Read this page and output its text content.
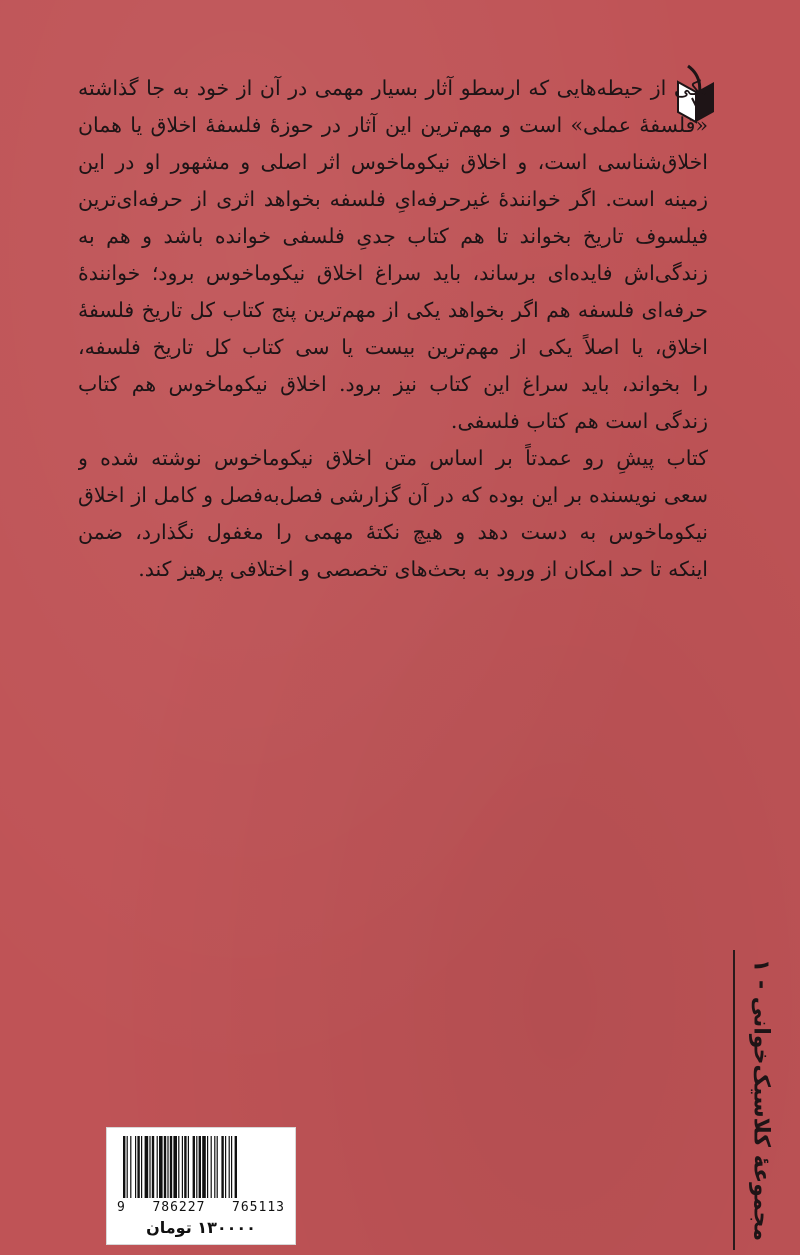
یکی از حیطه‌هایی که ارسطو آثار بسیار مهمی در آن از خود به جا گذاشته
«فلسفهٔ عملی» است و مهم‌ترین این آثار در حوزهٔ فلسفهٔ اخلاق یا همان
اخلاق‌شناسی است، و اخلاق نیکوماخوس اثر اصلی و مشهور او در این
زمینه است. اگر خوانندهٔ غیرحرفه‌ایِ فلسفه بخواهد اثری از حرفه‌ای‌ترین
فیلسوف تاریخ بخواند تا هم کتاب جدیِ فلسفی خوانده باشد و هم به
زندگی‌اش فایده‌ای برساند، باید سراغ اخلاق نیکوماخوس برود؛ خوانندهٔ
حرفه‌ای فلسفه هم اگر بخواهد یکی از مهم‌ترین پنج کتاب کل تاریخ فلسفهٔ
اخلاق، یا اصلاً یکی از مهم‌ترین بیست یا سی کتاب کل تاریخ فلسفه،
را بخواند، باید سراغ این کتاب نیز برود. اخلاق نیکوماخوس هم کتاب
زندگی است هم کتاب فلسفی.
کتاب پیشِ رو عمدتاً بر اساس متن اخلاق نیکوماخوس نوشته شده و
سعی نویسنده بر این بوده که در آن گزارشی فصل‌به‌فصل و کامل از اخلاق
نیکوماخوس به دست دهد و هیچ نکتهٔ مهمی را مغفول نگذارد، ضمن
اینکه تا حد امکان از ورود به بحث‌های تخصصی و اختلافی پرهیز کند.
مجموعهٔ کلاسیک‌خوانی - ۱
9 786227 765113
۱۳۰۰۰۰ تومان
